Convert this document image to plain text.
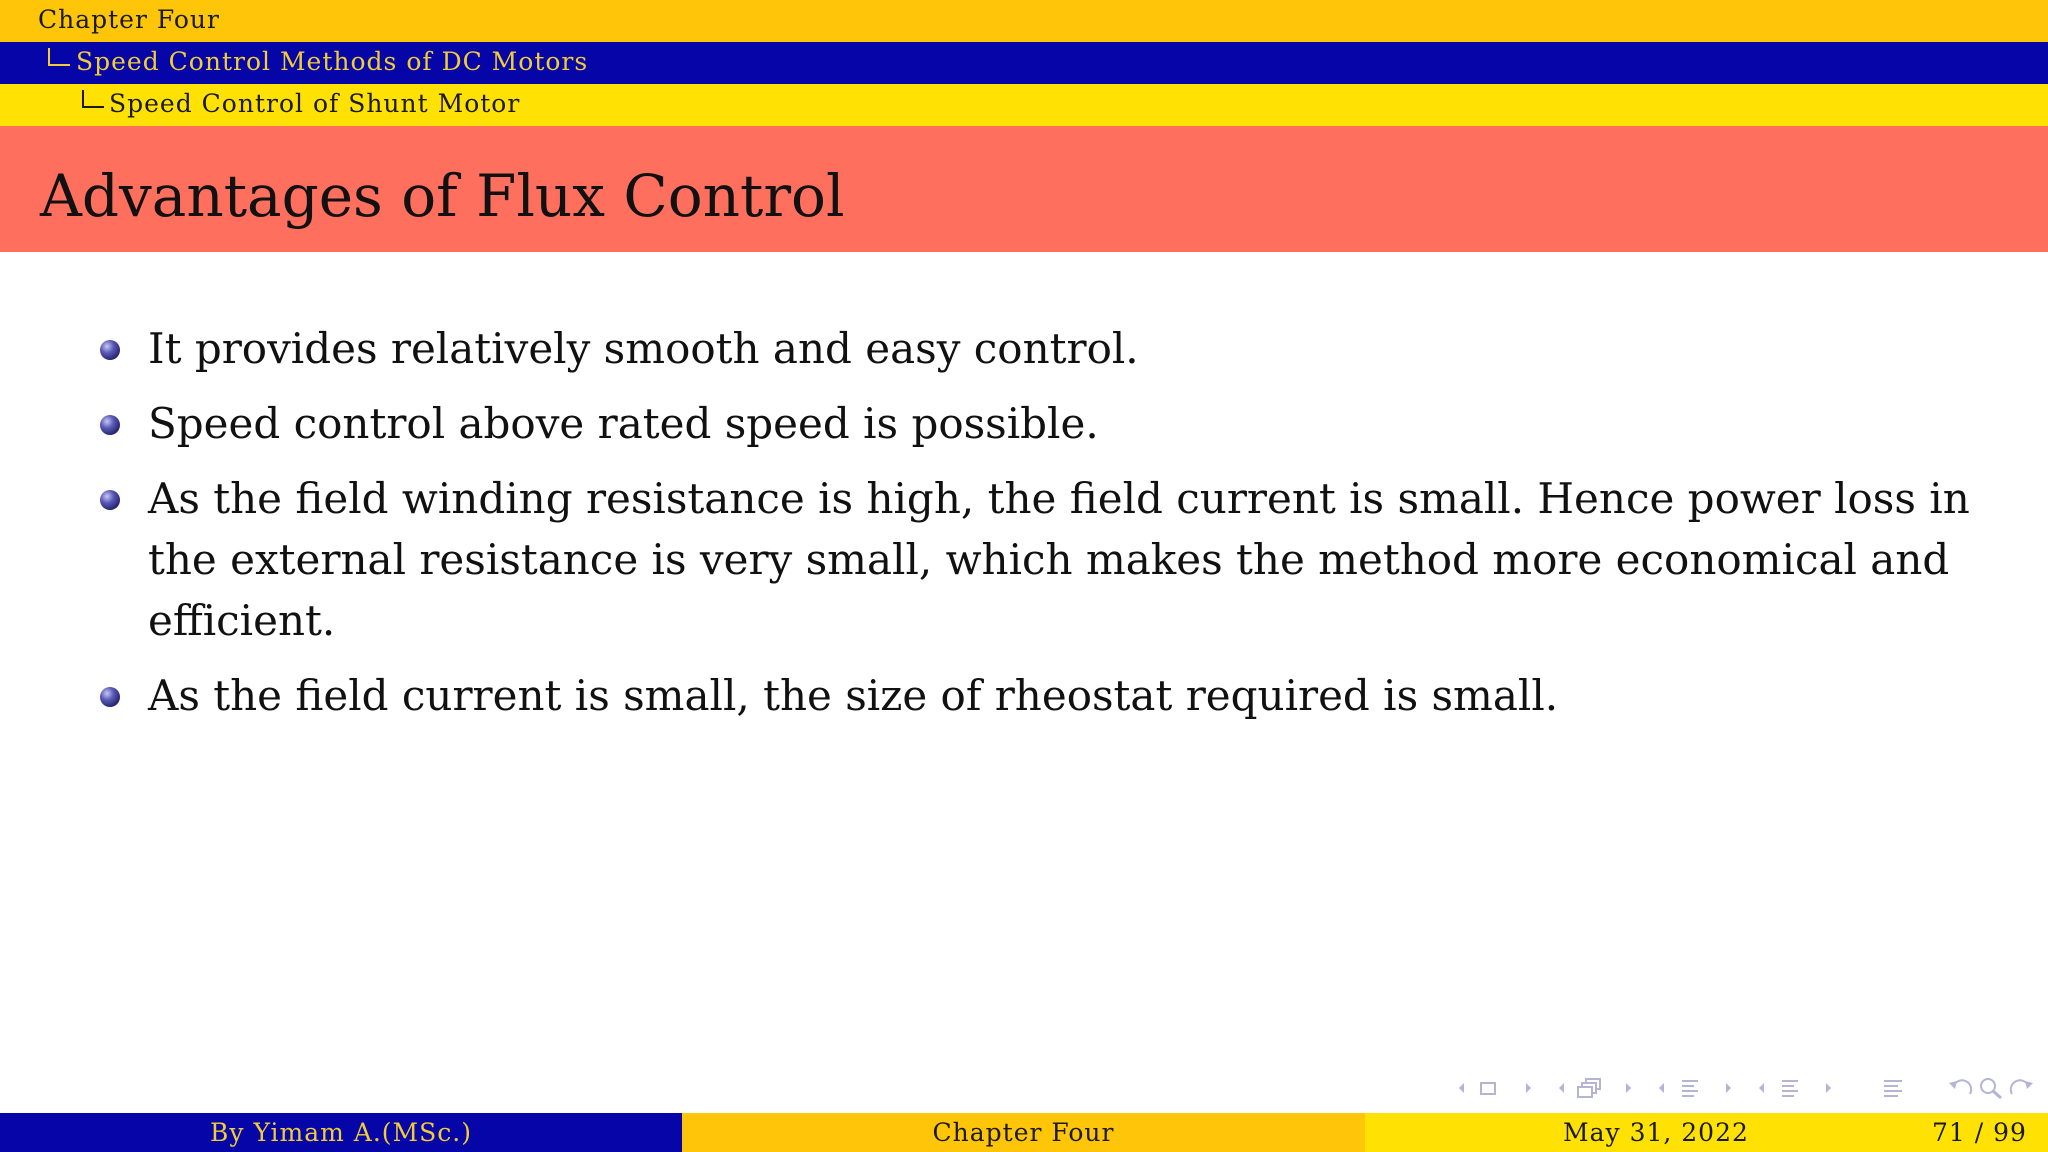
Chapter Four
Speed Control Methods of DC Motors
Speed Control of Shunt Motor
Advantages of Flux Control
It provides relatively smooth and easy control.
Speed control above rated speed is possible.
As the field winding resistance is high, the field current is small. Hence power loss in the external resistance is very small, which makes the method more economical and efficient.
As the field current is small, the size of rheostat required is small.
By Yimam A.(MSc.)	Chapter Four	May 31, 2022	71 / 99
